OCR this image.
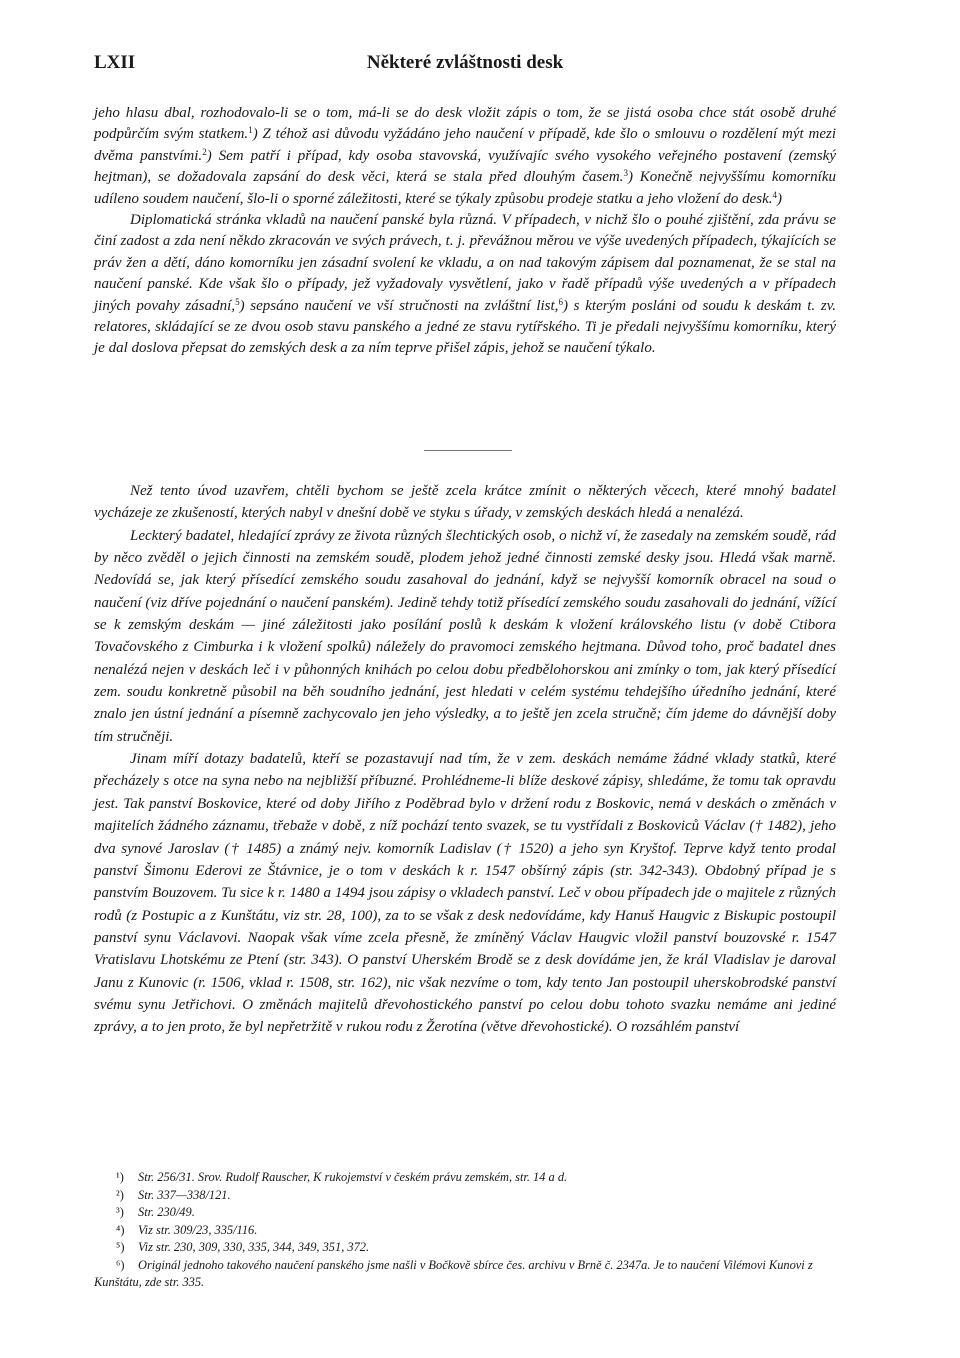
LXII	Některé zvláštnosti desk

jeho hlasu dbal, rozhodovalo-li se o tom, má-li se do desk vložit zápis o tom, že se jistá osoba chce stát osobě druhé podpůrčím svým statkem.$^1$) Z téhož asi důvodu vyžádáno jeho naučení v případě, kde šlo o smlouvu o rozdělení mýt mezi dvěma panstvími.$^2$) Sem patří i případ, kdy osoba stavovská, využívajíc svého vysokého veřejného postavení (zemský hejtman), se dožadovala zapsání do desk věci, která se stala před dlouhým časem.$^3$) Konečně nejvyššímu komorníku udíleno soudem naučení, šlo-li o sporné záležitosti, které se týkaly způsobu prodeje statku a jeho vložení do desk.$^4$)

Diplomatická stránka vkladů na naučení panské byla různá. V případech, v nichž šlo o pouhé zjištění, zda právu se činí zadost a zda není někdo zkracován ve svých právech, t. j. převážnou měrou ve výše uvedených případech, týkajících se práv žen a dětí, dáno komorníku jen zásadní svolení ke vkladu, a on nad takovým zápisem dal poznamenat, že se stal na naučení panské. Kde však šlo o případy, jež vyžadovaly vysvětlení, jako v řadě případů výše uvedených a v případech jiných povahy zásadní,$^5$) sepsáno naučení ve vší stručnosti na zvláštní list,$^6$) s kterým posláni od soudu k deskám t. zv. relatores, skládající se ze dvou osob stavu panského a jedné ze stavu rytířského. Ti je předali nejvyššímu komorníku, který je dal doslova přepsat do zemských desk a za ním teprve přišel zápis, jehož se naučení týkalo.

Než tento úvod uzavřem, chtěli bychom se ještě zcela krátce zmínit o některých věcech, které mnohý badatel vycházeje ze zkušeností, kterých nabyl v dnešní době ve styku s úřady, v zemských deskách hledá a nenalézá.

Leckterý badatel, hledající zprávy ze života různých šlechtických osob, o nichž ví, že zasedaly na zemském soudě, rád by něco zvěděl o jejich činnosti na zemském soudě, plodem jehož jedné činnosti zemské desky jsou. Hledá však marně. Nedovídá se, jak který přísedící zemského soudu zasahoval do jednání, když se nejvyšší komorník obracel na soud o naučení (viz dříve pojednání o naučení panském). Jedině tehdy totiž přísedící zemského soudu zasahovali do jednání, vížící se k zemským deskám — jiné záležitosti jako posílání poslů k deskám k vložení královského listu (v době Ctibora Tovačovského z Cimburka i k vložení spolků) náležely do pravomoci zemského hejtmana. Důvod toho, proč badatel dnes nenalézá nejen v deskách leč i v půhonných knihách po celou dobu předbělohorskou ani zmínky o tom, jak který přísedící zem. soudu konkretně působil na běh soudního jednání, jest hledati v celém systému tehdejšího úředního jednání, které znalo jen ústní jednání a písemně zachycovalo jen jeho výsledky, a to ještě jen zcela stručně; čím jdeme do dávnější doby tím stručněji.

Jinam míří dotazy badatelů, kteří se pozastavují nad tím, že v zem. deskách nemáme žádné vklady statků, které přecházely s otce na syna nebo na nejbližší příbuzné. Prohlédneme-li blíže deskové zápisy, shledáme, že tomu tak opravdu jest. Tak panství Boskovice, které od doby Jiřího z Poděbrad bylo v držení rodu z Boskovic, nemá v deskách o změnách v majitelích žádného záznamu, třebaže v době, z níž pochází tento svazek, se tu vystřídali z Boskoviců Václav († 1482), jeho dva synové Jaroslav († 1485) a známý nejv. komorník Ladislav († 1520) a jeho syn Kryštof. Teprve když tento prodal panství Šimonu Ederovi ze Štávnice, je o tom v deskách k r. 1547 obšírný zápis (str. 342-343). Obdobný případ je s panstvím Bouzovem. Tu sice k r. 1480 a 1494 jsou zápisy o vkladech panství. Leč v obou případech jde o majitele z různých rodů (z Postupic a z Kunštátu, viz str. 28, 100), za to se však z desk nedovídáme, kdy Hanuš Haugvic z Biskupic postoupil panství synu Václavovi. Naopak však víme zcela přesně, že zmíněný Václav Haugvic vložil panství bouzovské r. 1547 Vratislavu Lhotskému ze Ptení (str. 343). O panství Uherském Brodě se z desk dovídáme jen, že král Vladislav je daroval Janu z Kunovic (r. 1506, vklad r. 1508, str. 162), nic však nezvíme o tom, kdy tento Jan postoupil uherskobrodské panství svému synu Jetřichovi. O změnách majitelů dřevohostického panství po celou dobu tohoto svazku nemáme ani jediné zprávy, a to jen proto, že byl nepřetržitě v rukou rodu z Žerotína (větve dřevohostické). O rozsáhlém panství

¹) Str. 256/31. Srov. Rudolf Rauscher, K rukojemství v českém právu zemském, str. 14 a d.
²) Str. 337—338/121.
³) Str. 230/49.
⁴) Viz str. 309/23, 335/116.
⁵) Viz str. 230, 309, 330, 335, 344, 349, 351, 372.
⁶) Originál jednoho takového naučení panského jsme našli v Bočkově sbírce čes. archivu v Brně č. 2347a. Je to naučení Vilémovi Kunovi z Kunštátu, zde str. 335.
